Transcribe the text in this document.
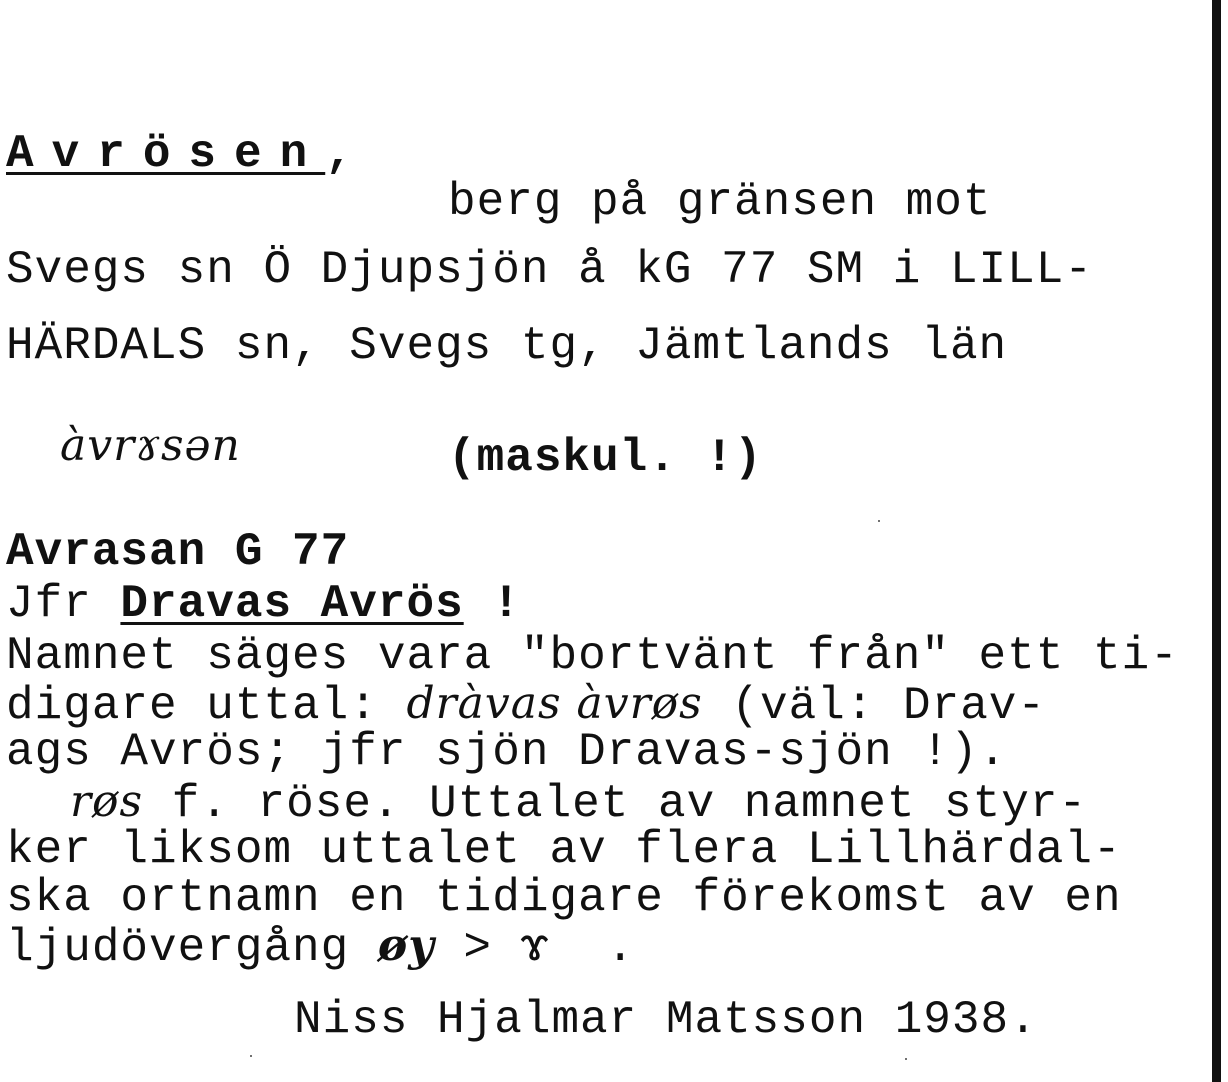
Avrösen,
berg på gränsen mot
Svegs sn Ö Djupsjön å kG 77 SM i LILL-
HÄRDALS sn, Svegs tg, Jämtlands län
àvrɤsən	(maskul. !)
Avrasan G 77
Jfr Dravas Avrös !
Namnet säges vara "bortvänt från" ett ti-
digare uttal: dràvas àvrøs (väl: Drav-
ags Avrös; jfr sjön Dravas-sjön !).
røs f. röse. Uttalet av namnet styr-
ker liksom uttalet av flera Lillhärdal-
ska ortnamn en tidigare förekomst av en
ljudövergång øy > ɤ  .
Niss Hjalmar Matsson 1938.
